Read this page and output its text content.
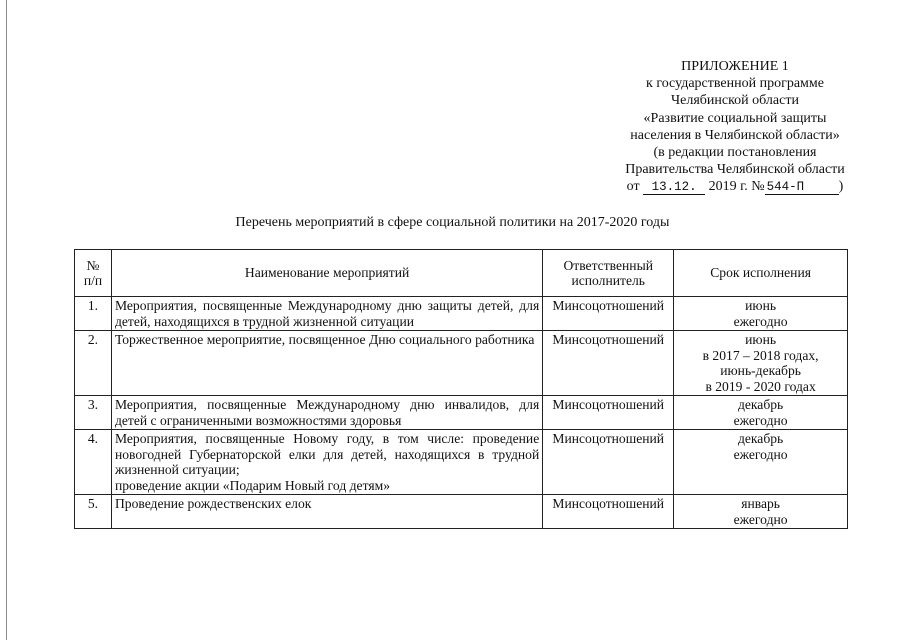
ПРИЛОЖЕНИЕ 1
к государственной программе
Челябинской области
«Развитие социальной защиты
населения в Челябинской области»
(в редакции постановления
Правительства Челябинской области
от 13.12. 2019 г. № 544-П )
Перечень мероприятий в сфере социальной политики на 2017-2020 годы
№
п/п	Наименование мероприятий	Ответственный исполнитель	Срок исполнения
1.	Мероприятия, посвященные Международному дню защиты детей, для детей, находящихся в трудной жизненной ситуации	Минсоцотношений	июнь
ежегодно

2.	Торжественное мероприятие, посвященное Дню социального работника	Минсоцотношений	июнь
в 2017 – 2018 годах,
июнь-декабрь
в 2019 - 2020 годах

3.	Мероприятия, посвященные Международному дню инвалидов, для детей с ограниченными возможностями здоровья	Минсоцотношений	декабрь
ежегодно

4.	Мероприятия, посвященные Новому году, в том числе: проведение новогодней Губернаторской елки для детей, находящихся в трудной жизненной ситуации;
проведение акции «Подарим Новый год детям»	Минсоцотношений	декабрь
ежегодно

5.	Проведение рождественских елок	Минсоцотношений	январь
ежегодно
